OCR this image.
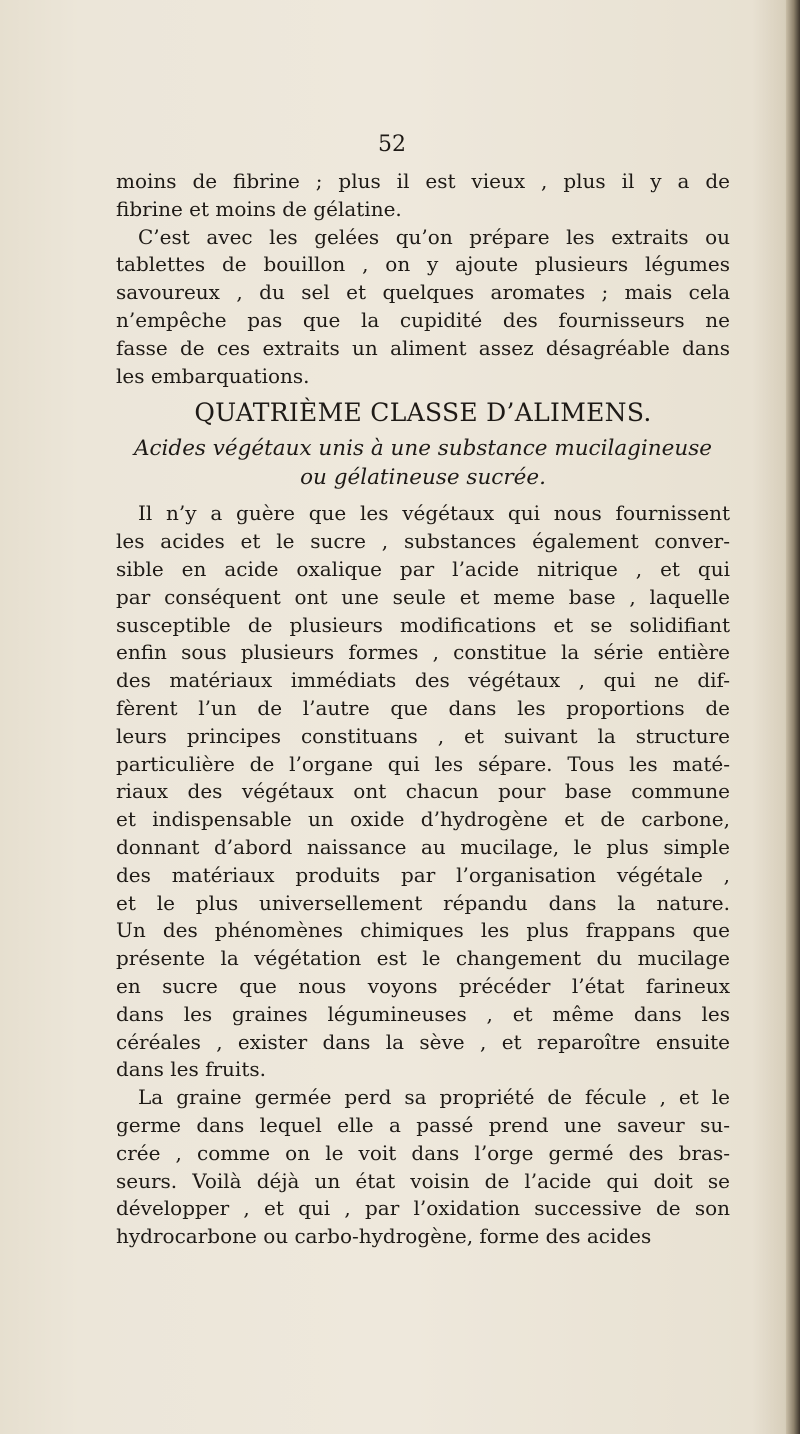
52
moins de fibrine ; plus il est vieux , plus il y a de
fibrine et moins de gélatine.
C’est avec les gelées qu’on prépare les extraits ou
tablettes de bouillon , on y ajoute plusieurs légumes
savoureux , du sel et quelques aromates ; mais cela
n’empêche pas que la cupidité des fournisseurs ne
fasse de ces extraits un aliment assez désagréable dans
les embarquations.
QUATRIÈME CLASSE D’ALIMENS.
Acides végétaux unis à une substance mucilagineuse
ou gélatineuse sucrée.
Il n’y a guère que les végétaux qui nous fournissent
les acides et le sucre , substances également conver-
sible en acide oxalique par l’acide nitrique , et qui
par conséquent ont une seule et meme base , laquelle
susceptible de plusieurs modifications et se solidifiant
enfin sous plusieurs formes , constitue la série entière
des matériaux immédiats des végétaux , qui ne dif-
fèrent l’un de l’autre que dans les proportions de
leurs principes constituans , et suivant la structure
particulière de l’organe qui les sépare. Tous les maté-
riaux des végétaux ont chacun pour base commune
et indispensable un oxide d’hydrogène et de carbone,
donnant d’abord naissance au mucilage, le plus simple
des matériaux produits par l’organisation végétale ,
et le plus universellement répandu dans la nature.
Un des phénomènes chimiques les plus frappans que
présente la végétation est le changement du mucilage
en sucre que nous voyons précéder l’état farineux
dans les graines légumineuses , et même dans les
céréales , exister dans la sève , et reparoître ensuite
dans les fruits.
La graine germée perd sa propriété de fécule , et le
germe dans lequel elle a passé prend une saveur su-
crée , comme on le voit dans l’orge germé des bras-
seurs. Voilà déjà un état voisin de l’acide qui doit se
développer , et qui , par l’oxidation successive de son
hydrocarbone ou carbo-hydrogène, forme des acides
